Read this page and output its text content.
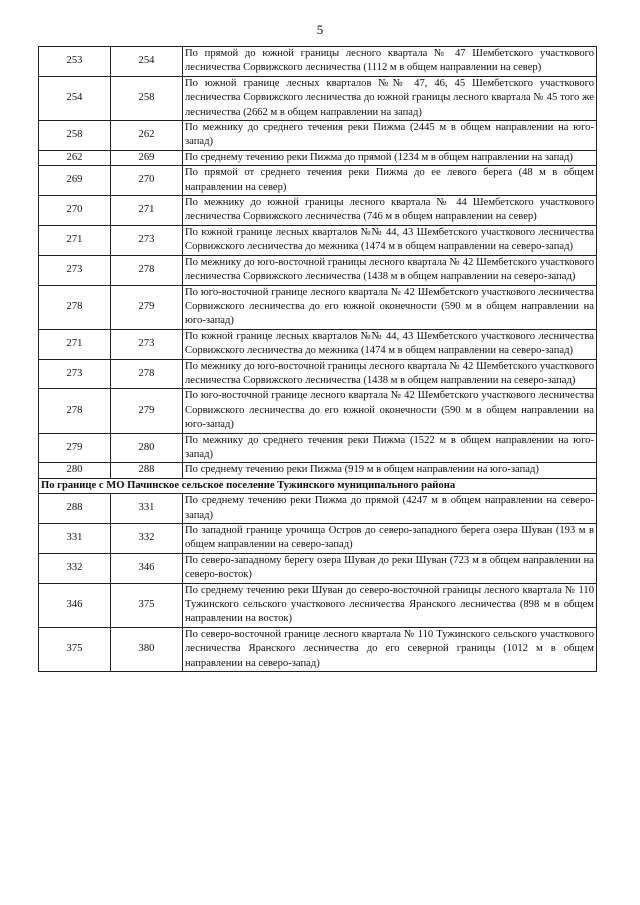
5
253	254	По прямой до южной границы лесного квартала № 47 Шембетского участкового лесничества Сорвижского лесничества (1112 м в общем направлении на север)
254	258	По южной границе лесных кварталов №№ 47, 46, 45 Шембетского участкового лесничества Сорвижского лесничества до южной границы лесного квартала № 45 того же лесничества (2662 м в общем направлении на запад)
258	262	По межнику до среднего течения реки Пижма (2445 м в общем направлении на юго-запад)
262	269	По среднему течению реки Пижма до прямой (1234 м в общем направлении на запад)
269	270	По прямой от среднего течения реки Пижма до ее левого берега (48 м в общем направлении на север)
270	271	По межнику до южной границы лесного квартала № 44 Шембетского участкового лесничества Сорвижского лесничества (746 м в общем направлении на север)
271	273	По южной границе лесных кварталов №№ 44, 43 Шембетского участкового лесничества Сорвижского лесничества до межника (1474 м в общем направлении на северо-запад)
273	278	По межнику до юго-восточной границы лесного квартала № 42 Шембетского участкового лесничества Сорвижского лесничества (1438 м в общем направлении на северо-запад)
278	279	По юго-восточной границе лесного квартала № 42 Шембетского участкового лесничества Сорвижского лесничества до его южной оконечности (590 м в общем направлении на юго-запад)
271	273	По южной границе лесных кварталов №№ 44, 43 Шембетского участкового лесничества Сорвижского лесничества до межника (1474 м в общем направлении на северо-запад)
273	278	По межнику до юго-восточной границы лесного квартала № 42 Шембетского участкового лесничества Сорвижского лесничества (1438 м в общем направлении на северо-запад)
278	279	По юго-восточной границе лесного квартала № 42 Шембетского участкового лесничества Сорвижского лесничества до его южной оконечности (590 м в общем направлении на юго-запад)
279	280	По межнику до среднего течения реки Пижма (1522 м в общем направлении на юго-запад)
280	288	По среднему течению реки Пижма (919 м в общем направлении на юго-запад)
По границе с МО Пачинское сельское поселение Тужинского муниципального района		
288	331	По среднему течению реки Пижма до прямой (4247 м в общем направлении на северо-запад)
331	332	По западной границе урочища Остров до северо-западного берега озера Шуван (193 м в общем направлении на северо-запад)
332	346	По северо-западному берегу озера Шуван до реки Шуван (723 м в общем направлении на северо-восток)
346	375	По среднему течению реки Шуван до северо-восточной границы лесного квартала № 110 Тужинского сельского участкового лесничества Яранского лесничества (898 м в общем направлении на восток)
375	380	По северо-восточной границе лесного квартала № 110 Тужинского сельского участкового лесничества Яранского лесничества до его северной границы (1012 м в общем направлении на северо-запад)
